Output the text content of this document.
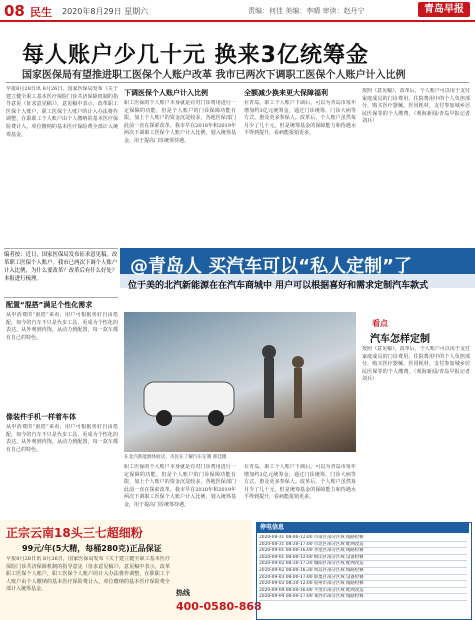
08 民生 2020年8月29日 星期六	责编：何佳 美编：李晴 审读：赵丹宁	青岛早报
每人账户少几十元 换来3亿统筹金
国家医保局有望推进职工医保个人账户改革 我市已两次下调职工医保个人账户计入比例
早报8月28日讯 8月26日，国家医保局发布《关于建立健全职工基本医疗保险门诊共济保障机制的指导意见（征求意见稿）》，意见稿中表示，改革职工医保个人账户，职工医保个人账户的计入办法将作调整，在职职工个人账户由个人缴纳的基本医疗保险费计入，单位缴纳的基本医疗保险费全部计入统筹基金。
下调医保个人账户计入比例
职工医保的个人账户本身就是有对门诊费用进行一定保障的功能，但是个人账户的门诊保障功能有限，加上个人账户的资金沉淀较多，各地医保部门此前一直在探索改革。我市早在2018年和2019年两次下调职工医保个人账户计入比例，划入统筹基金，用于提高门诊统筹待遇。
全额减少换来更大保障福利
在青岛，职工个人账户下调后，可以为青岛市每年增加约3亿元统筹金，通过门诊统筹、门诊大病等方式，惠及更多参保人。改革后，个人账户虽然每月少了几十元，但是统筹基金的保障能力和待遇水平得到提升，看病能报销更多。
按照《意见稿》，改革后，个人账户可以用于支付家庭成员的门诊费用、住院费用中的个人负担部分，购买医疗器械、医用耗材，支付参加城乡居民医保等的个人缴费。（观海新闻/青岛早报记者 刘兵）
@青岛人 买汽车可以“私人定制”了
位于美的北汽新能源在在汽车商城中 用户可以根据喜好和需求定制汽车款式
编者按：近日，国家医保局发布征求意见稿，改革职工医保个人账户。我市已两次下调个人账户计入比例，为什么要改革？改革后有什么好处？本报进行梳理。
配置“混搭”满足个性化需求
从中消费的“混搭”来看，用户可根据喜好自由搭配。如今的汽车不只是代步工具，更成为个性化的表达，从外观到内饰，从动力到配置，每一款车都有自己的特色。
像装件手机一样着车体
从中消费的“混搭”来看，用户可根据喜好自由搭配。如今的汽车不只是代步工具，更成为个性化的表达，从外观到内饰，从动力到配置，每一款车都有自己的特色。
在北汽新能源体验店，市民在了解汽车定制 郑佳摄
职工医保的个人账户本身就是有对门诊费用进行一定保障的功能，但是个人账户的门诊保障功能有限，加上个人账户的资金沉淀较多，各地医保部门此前一直在探索改革。我市早在2018年和2019年两次下调职工医保个人账户计入比例，划入统筹基金，用于提高门诊统筹待遇。
在青岛，职工个人账户下调后，可以为青岛市每年增加约3亿元统筹金，通过门诊统筹、门诊大病等方式，惠及更多参保人。改革后，个人账户虽然每月少了几十元，但是统筹基金的保障能力和待遇水平得到提升，看病能报销更多。
看点
汽车怎样定制
按照《意见稿》，改革后，个人账户可以用于支付家庭成员的门诊费用、住院费用中的个人负担部分，购买医疗器械、医用耗材，支付参加城乡居民医保等的个人缴费。（观海新闻/青岛早报记者 刘兵）
正宗云南18头三七超细粉
99元/年(5大精，每桶280克)正品保证
早报8月28日讯 8月26日，国家医保局发布《关于建立健全职工基本医疗保险门诊共济保障机制的指导意见（征求意见稿）》，意见稿中表示，改革职工医保个人账户，职工医保个人账户的计入办法将作调整，在职职工个人账户由个人缴纳的基本医疗保险费计入，单位缴纳的基本医疗保险费全部计入统筹基金。	热线
400-0580-868
停电信息
2020-08-31 08:00-12:00 市南区部分区域 线路检修
2020-08-31 08:30-17:00 市北区部分区域 配网改造
2020-09-01 08:00-16:00 李沧区部分区域 线路检修
2020-09-01 08:00-12:00 崂山区部分区域 设备检修
2020-09-02 08:30-17:30 城阳区部分区域 配网改造
2020-09-02 08:00-16:30 黄岛区部分区域 线路检修
2020-09-03 08:00-17:00 即墨区部分区域 设备检修
2020-09-03 08:30-12:00 胶州市部分区域 线路检修
2020-09-04 08:00-16:00 平度市部分区域 配网改造
2020-09-04 08:00-17:00 莱西市部分区域 线路检修
